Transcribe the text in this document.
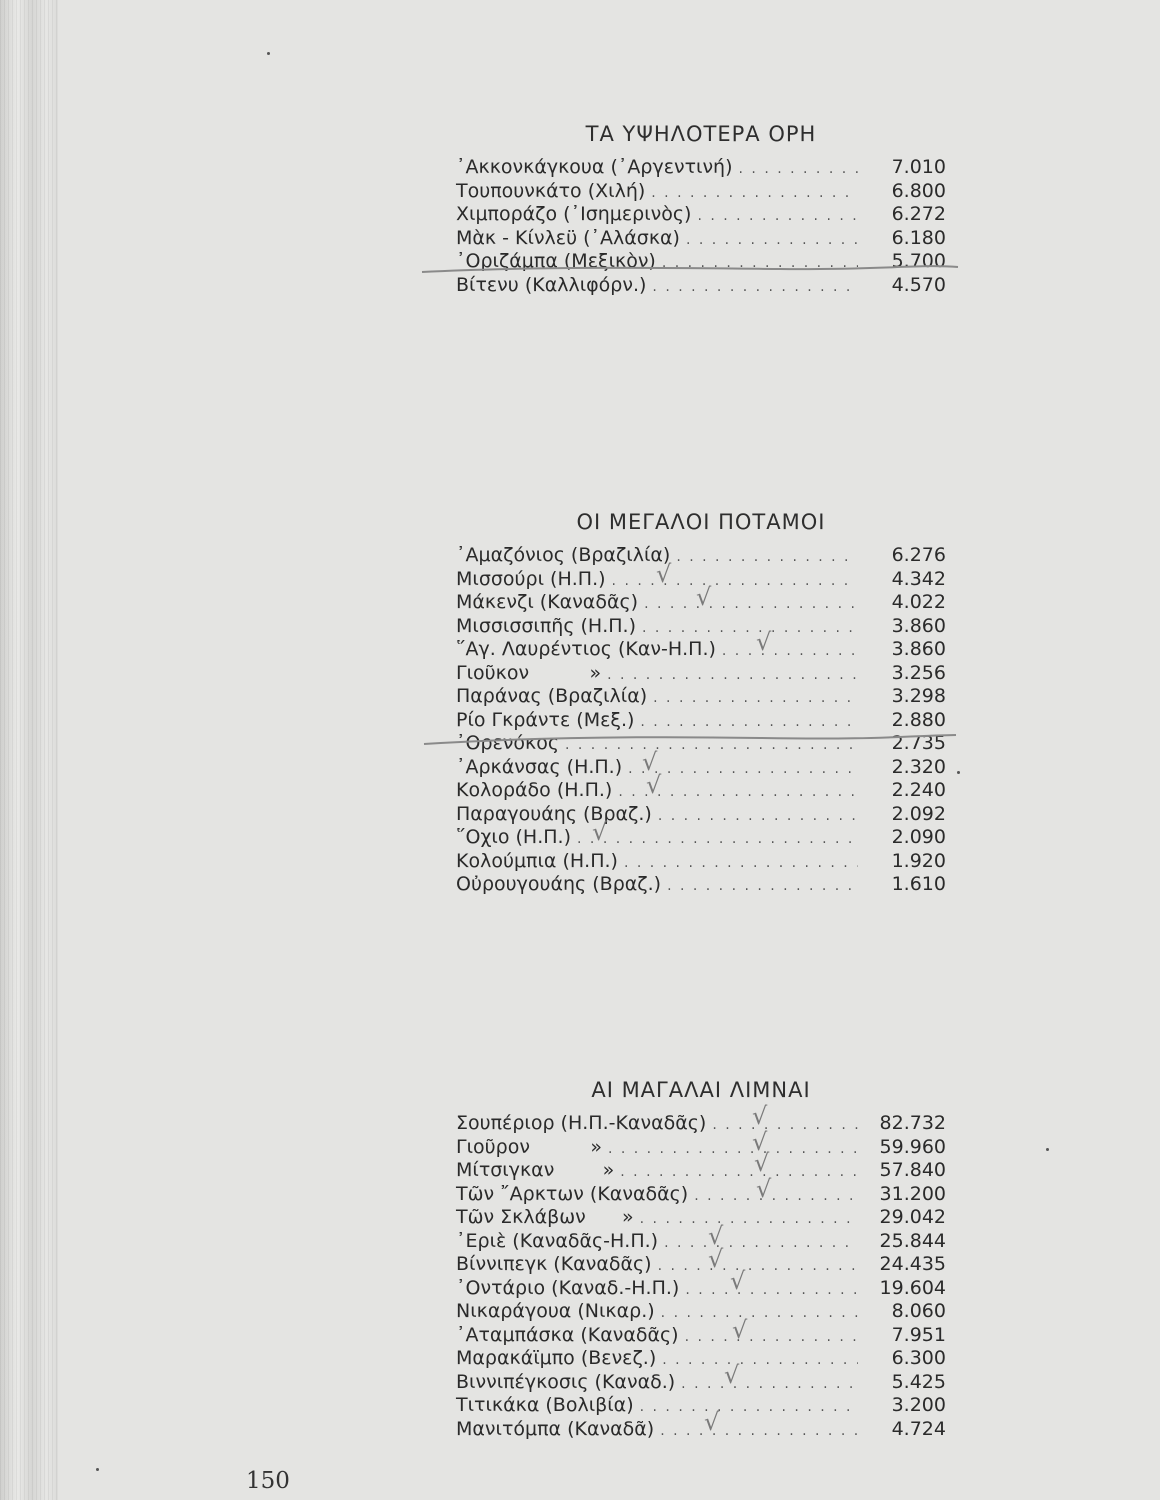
ΤΑ ΥΨΗΛΟΤΕΡΑ ΟΡΗ
᾿Ακκονκάγκουα (᾿Αργεντινή) . . .	7.010
Τουπουνκάτο (Χιλή) . . .	6.800
Χιμποράζο (᾿Ισημερινὸς) . . .	6.272
Μὰκ - Κίνλεϋ (᾿Αλάσκα) . . .	6.180
᾿Οριζάμπα (Μεξικὸν) . . .	5.700
Βίτενυ (Καλλιφόρν.) . . .	4.570
ΟΙ ΜΕΓΑΛΟΙ ΠΟΤΑΜΟΙ
᾿Αμαζόνιος (Βραζιλία) . . .	6.276
Μισσούρι (Η.Π.) . . .	4.342
√
Μάκενζι (Καναδᾶς) . . .	4.022
√
Μισσισσιπῆς (Η.Π.) . . .	3.860
῞Αγ. Λαυρέντιος (Καν-Η.Π.) . . .	3.860
√
Γιοῦκον          » . . .	3.256
Παράνας (Βραζιλία) . . .	3.298
Ρίο Γκράντε (Μεξ.) . . .	2.880
᾿Ορενόκος . . .	2.735
᾿Αρκάνσας (Η.Π.) . . .	2.320
√
Κολοράδο (Η.Π.) . . .	2.240
√
Παραγουάης (Βραζ.) . . .	2.092
῞Οχιο (Η.Π.) . . .	2.090
√
Κολούμπια (Η.Π.) . . .	1.920
Οὐρουγουάης (Βραζ.) . . .	1.610
ΑΙ ΜΑΓΑΛΑΙ ΛΙΜΝΑΙ
Σουπέριορ (Η.Π.-Καναδᾶς) . . .	82.732
√
Γιοῦρον          » . . .	59.960
√
Μίτσιγκαν        » . . .	57.840
√
Τῶν ῎Αρκτων (Καναδᾶς) . . .	31.200
√
Τῶν Σκλάβων      » . . .	29.042
᾿Εριὲ (Καναδᾶς-Η.Π.) . . .	25.844
√
Βίννιπεγκ (Καναδᾶς) . . .	24.435
√
᾿Οντάριο (Καναδ.-Η.Π.) . . .	19.604
√
Νικαράγουα (Νικαρ.) . . .	8.060
᾿Αταμπάσκα (Καναδᾶς) . . .	7.951
√
Μαρακάϊμπο (Βενεζ.) . . .	6.300
Βιννιπέγκοσις (Καναδ.) . . .	5.425
√
Τιτικάκα (Βολιβία) . . .	3.200
Μανιτόμπα (Καναδᾶ) . . .	4.724
√
150
